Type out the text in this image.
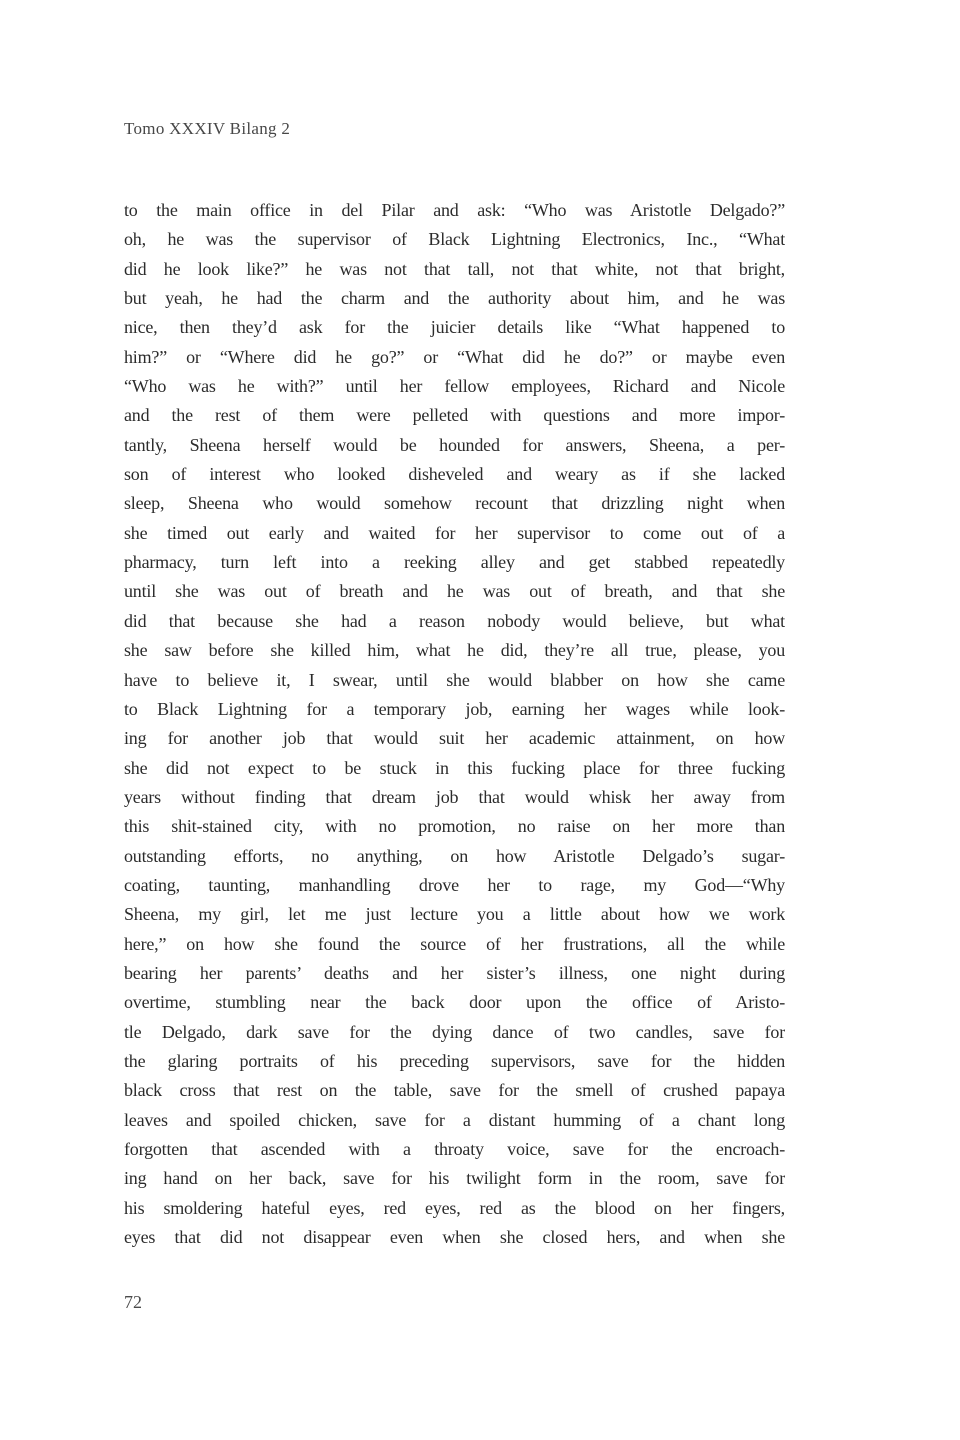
Tomo XXXIV Bilang 2
to the main office in del Pilar and ask: “Who was Aristotle Delgado?”
oh, he was the supervisor of Black Lightning Electronics, Inc., “What
did he look like?” he was not that tall, not that white, not that bright,
but yeah, he had the charm and the authority about him, and he was
nice, then they’d ask for the juicier details like “What happened to
him?” or “Where did he go?” or “What did he do?” or maybe even
“Who was he with?” until her fellow employees, Richard and Nicole
and the rest of them were pelleted with questions and more impor-
tantly, Sheena herself would be hounded for answers, Sheena, a per-
son of interest who looked disheveled and weary as if she lacked
sleep, Sheena who would somehow recount that drizzling night when
she timed out early and waited for her supervisor to come out of a
pharmacy, turn left into a reeking alley and get stabbed repeatedly
until she was out of breath and he was out of breath, and that she
did that because she had a reason nobody would believe, but what
she saw before she killed him, what he did, they’re all true, please, you
have to believe it, I swear, until she would blabber on how she came
to Black Lightning for a temporary job, earning her wages while look-
ing for another job that would suit her academic attainment, on how
she did not expect to be stuck in this fucking place for three fucking
years without finding that dream job that would whisk her away from
this shit-stained city, with no promotion, no raise on her more than
outstanding efforts, no anything, on how Aristotle Delgado’s sugar-
coating, taunting, manhandling drove her to rage, my God—“Why
Sheena, my girl, let me just lecture you a little about how we work
here,” on how she found the source of her frustrations, all the while
bearing her parents’ deaths and her sister’s illness, one night during
overtime, stumbling near the back door upon the office of Aristo-
tle Delgado, dark save for the dying dance of two candles, save for
the glaring portraits of his preceding supervisors, save for the hidden
black cross that rest on the table, save for the smell of crushed papaya
leaves and spoiled chicken, save for a distant humming of a chant long
forgotten that ascended with a throaty voice, save for the encroach-
ing hand on her back, save for his twilight form in the room, save for
his smoldering hateful eyes, red eyes, red as the blood on her fingers,
eyes that did not disappear even when she closed hers, and when she
72
